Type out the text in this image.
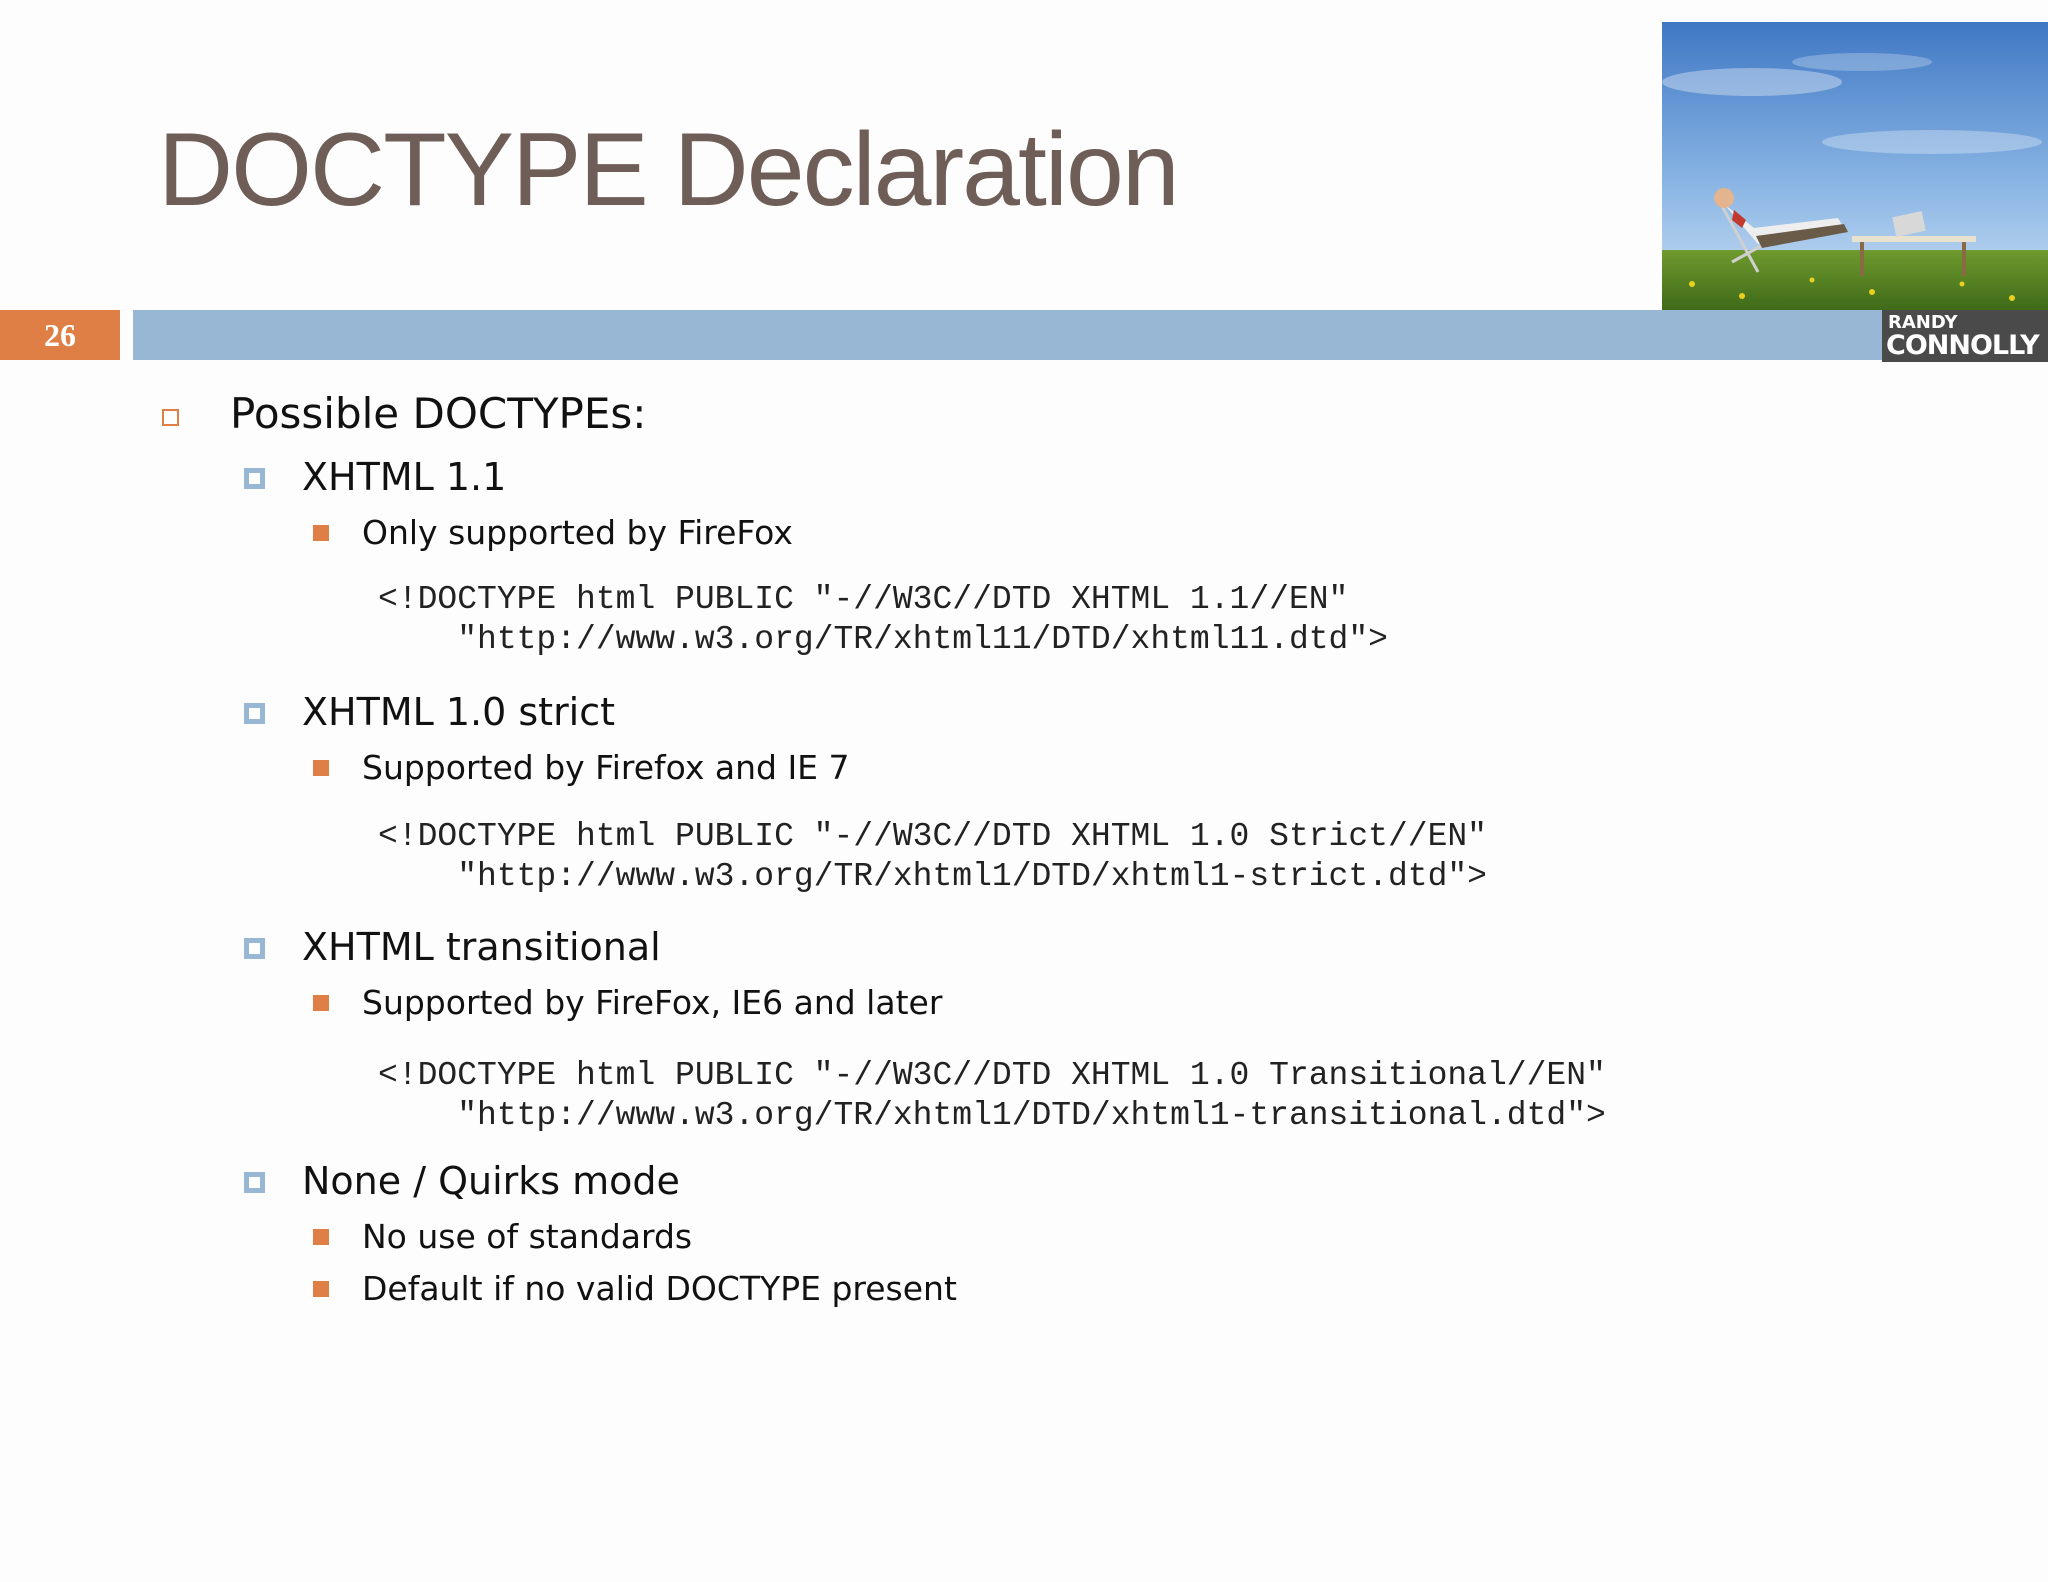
DOCTYPE Declaration
26	RANDY
CONNOLLY
Possible DOCTYPEs:
XHTML 1.1
Only supported by FireFox
<!DOCTYPE html PUBLIC "-//W3C//DTD XHTML 1.1//EN"
"http://www.w3.org/TR/xhtml11/DTD/xhtml11.dtd">
XHTML 1.0 strict
Supported by Firefox and IE 7
<!DOCTYPE html PUBLIC "-//W3C//DTD XHTML 1.0 Strict//EN"
"http://www.w3.org/TR/xhtml1/DTD/xhtml1-strict.dtd">
XHTML transitional
Supported by FireFox, IE6 and later
<!DOCTYPE html PUBLIC "-//W3C//DTD XHTML 1.0 Transitional//EN"
"http://www.w3.org/TR/xhtml1/DTD/xhtml1-transitional.dtd">
None / Quirks mode
No use of standards
Default if no valid DOCTYPE present
